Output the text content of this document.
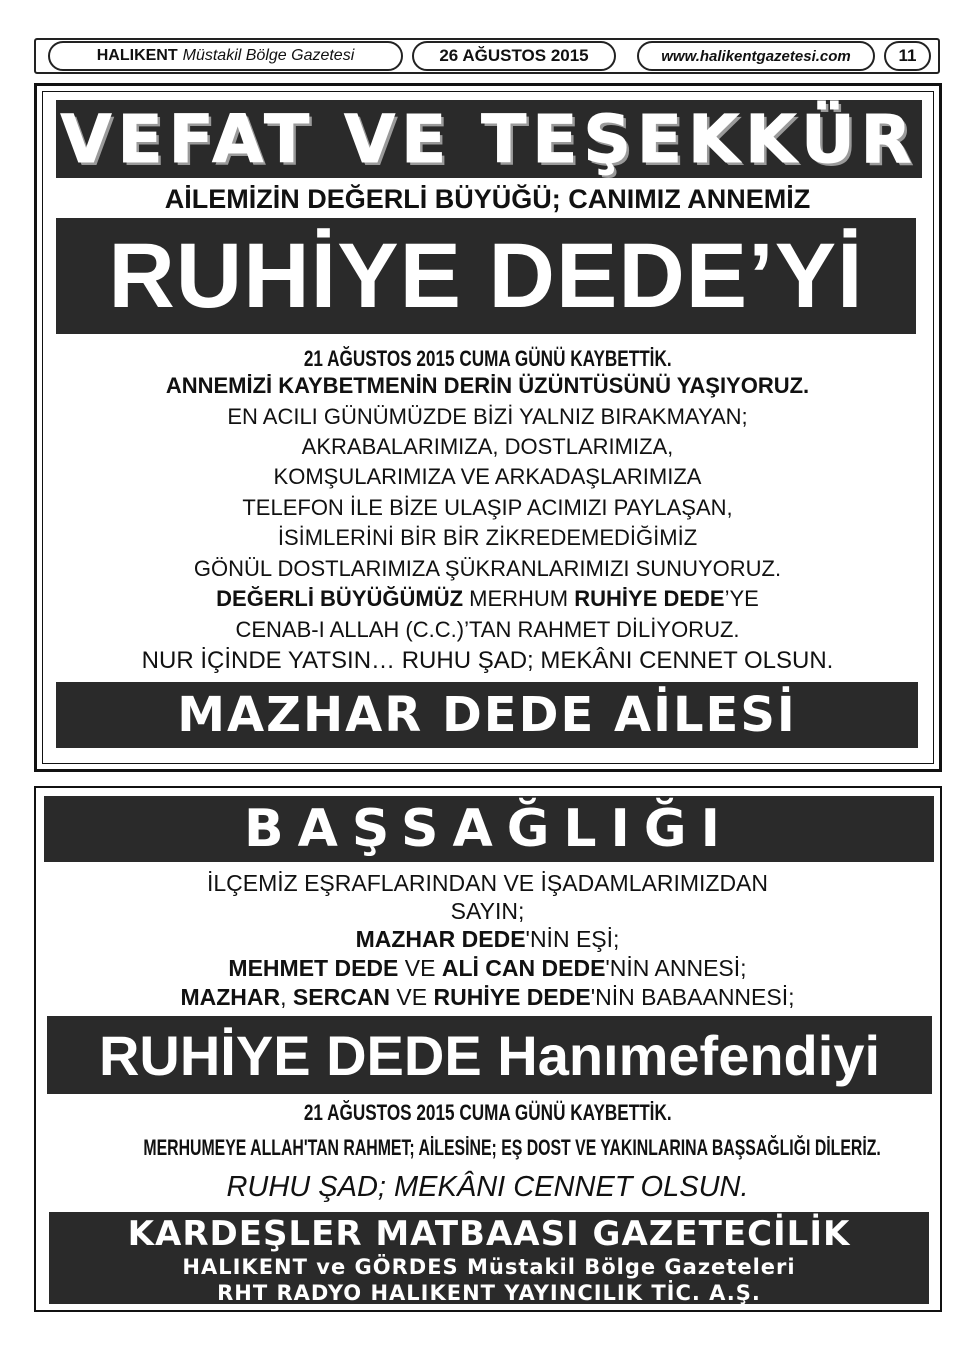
HALIKENT Müstakil Bölge Gazetesi	26 AĞUSTOS 2015	www.halikentgazetesi.com	11
VEFAT VE TEŞEKKÜR
AİLEMİZİN DEĞERLİ BÜYÜĞÜ; CANIMIZ ANNEMİZ
RUHİYE DEDE’Yİ
21 AĞUSTOS 2015 CUMA GÜNÜ KAYBETTİK.
ANNEMİZİ KAYBETMENİN DERİN ÜZÜNTÜSÜNÜ YAŞIYORUZ.
EN ACILI GÜNÜMÜZDE BİZİ YALNIZ BIRAKMAYAN;
AKRABALARIMIZA, DOSTLARIMIZA,
KOMŞULARIMIZA VE ARKADAŞLARIMIZA
TELEFON İLE BİZE ULAŞIP ACIMIZI PAYLAŞAN,
İSİMLERİNİ BİR BİR ZİKREDEMEDİĞİMİZ
GÖNÜL DOSTLARIMIZA ŞÜKRANLARIMIZI SUNUYORUZ.
DEĞERLİ BÜYÜĞÜMÜZ MERHUM RUHİYE DEDE’YE
CENAB-I ALLAH (C.C.)’TAN RAHMET DİLİYORUZ.
NUR İÇİNDE YATSIN… RUHU ŞAD; MEKÂNI CENNET OLSUN.
MAZHAR DEDE AİLESİ
BAŞSAĞLIĞI
İLÇEMİZ EŞRAFLARINDAN VE İŞADAMLARIMIZDAN
SAYIN;
MAZHAR DEDE'NİN EŞİ;
MEHMET DEDE VE ALİ CAN DEDE'NİN ANNESİ;
MAZHAR, SERCAN VE RUHİYE DEDE'NİN BABAANNESİ;
RUHİYE DEDE Hanımefendiyi
21 AĞUSTOS 2015 CUMA GÜNÜ KAYBETTİK.
MERHUMEYE ALLAH'TAN RAHMET; AİLESİNE; EŞ DOST VE YAKINLARINA BAŞSAĞLIĞI DİLERİZ.
RUHU ŞAD; MEKÂNI CENNET OLSUN.
KARDEŞLER MATBAASI GAZETECİLİK
HALIKENT ve GÖRDES Müstakil Bölge Gazeteleri
RHT RADYO HALIKENT YAYINCILIK TİC. A.Ş.
